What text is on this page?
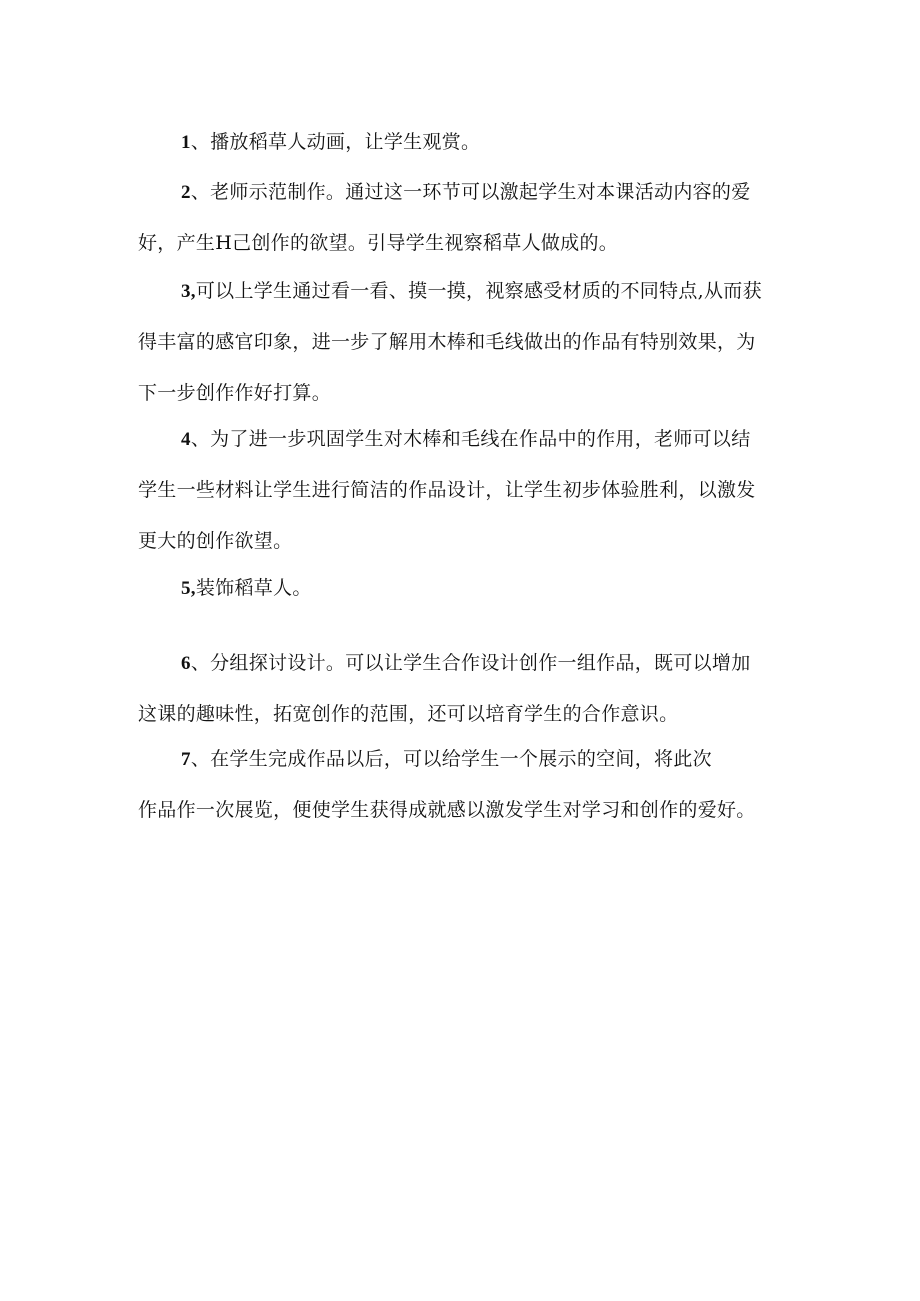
1、播放稻草人动画，让学生观赏。

2、老师示范制作。通过这一环节可以激起学生对本课活动内容的爱
好，产生H己创作的欲望。引导学生视察稻草人做成的。

3,可以上学生通过看一看、摸一摸，视察感受材质的不同特点,从而获
得丰富的感官印象，进一步了解用木棒和毛线做出的作品有特别效果，为
下一步创作作好打算。

4、为了进一步巩固学生对木棒和毛线在作品中的作用，老师可以结
学生一些材料让学生进行简洁的作品设计，让学生初步体验胜利，以激发
更大的创作欲望。

5,装饰稻草人。

6、分组探讨设计。可以让学生合作设计创作一组作品，既可以增加
这课的趣味性，拓宽创作的范围，还可以培育学生的合作意识。

7、在学生完成作品以后，可以给学生一个展示的空间，将此次
作品作一次展览，便使学生获得成就感以激发学生对学习和创作的爱好。
